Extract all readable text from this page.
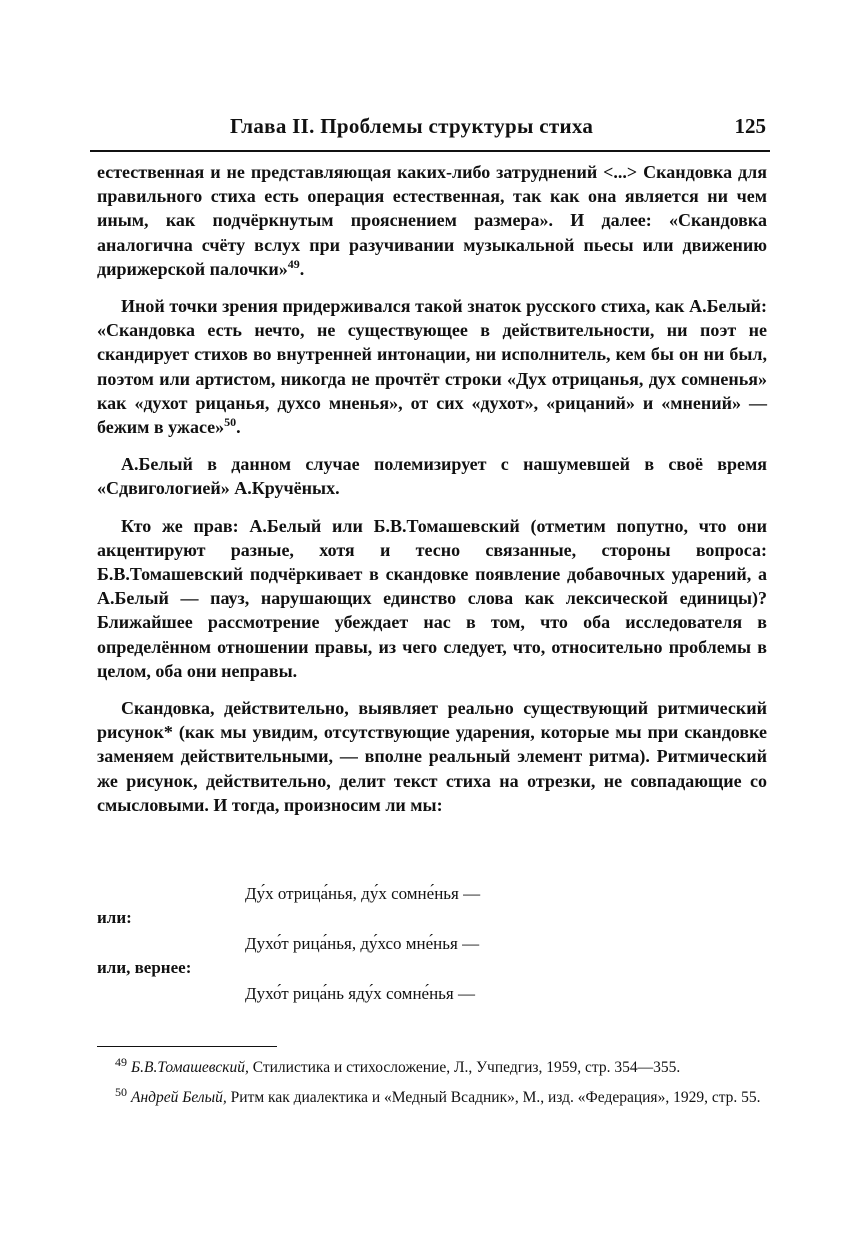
Глава II. Проблемы структуры стиха	125

естественная и не представляющая каких-либо затруднений <...> Скандовка для правильного стиха есть операция естественная, так как она является ни чем иным, как подчёркнутым прояснением размера». И далее: «Скандовка аналогична счёту вслух при разучивании музыкальной пьесы или движению дирижерской палочки»$^{49}$.

Иной точки зрения придерживался такой знаток русского стиха, как А.Белый: «Скандовка есть нечто, не существующее в действительности, ни поэт не скандирует стихов во внутренней интонации, ни исполнитель, кем бы он ни был, поэтом или артистом, никогда не прочтёт строки «Дух отрицанья, дух сомненья» как «духот рицанья, духсо мненья», от сих «духот», «рицаний» и «мнений» — бежим в ужасе»$^{50}$.

А.Белый в данном случае полемизирует с нашумевшей в своё время «Сдвигологией» А.Кручёных.

Кто же прав: А.Белый или Б.В.Томашевский (отметим попутно, что они акцентируют разные, хотя и тесно связанные, стороны вопроса: Б.В.Томашевский подчёркивает в скандовке появление добавочных ударений, а А.Белый — пауз, нарушающих единство слова как лексической единицы)? Ближайшее рассмотрение убеждает нас в том, что оба исследователя в определённом отношении правы, из чего следует, что, относительно проблемы в целом, оба они неправы.

Скандовка, действительно, выявляет реально существующий ритмический рисунок* (как мы увидим, отсутствующие ударения, которые мы при скандовке заменяем действительными, — вполне реальный элемент ритма). Ритмический же рисунок, действительно, делит текст стиха на отрезки, не совпадающие со смысловыми. И тогда, произносим ли мы:

Ду́х отрица́нья, ду́х сомне́нья —
или:
Духо́т рица́нья, ду́хсо мне́нья —
или, вернее:
Духо́т рица́нь яду́х сомне́нья —

$^{49}$ Б.В.Томашевский, Стилистика и стихосложение, Л., Учпедгиз, 1959, стр. 354—355.

$^{50}$ Андрей Белый, Ритм как диалектика и «Медный Всадник», М., изд. «Федерация», 1929, стр. 55.
